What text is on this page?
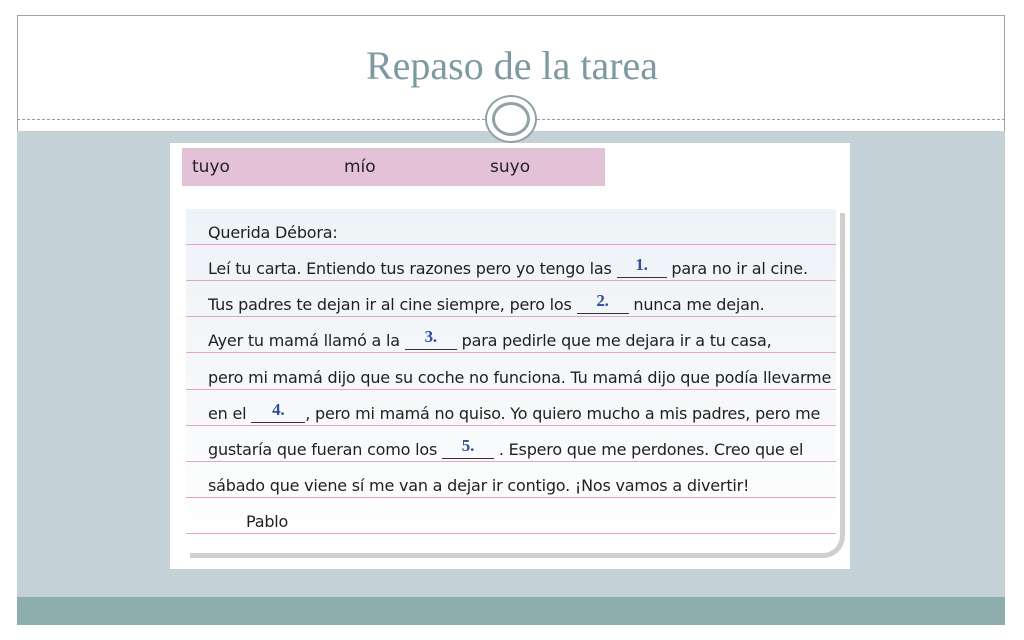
Repaso de la tarea
tuyo	mío	suyo
Querida Débora:
Leí tu carta. Entiendo tus razones pero yo tengo las 1. para no ir al cine.
Tus padres te dejan ir al cine siempre, pero los 2. nunca me dejan.
Ayer tu mamá llamó a la 3. para pedirle que me dejara ir a tu casa,
pero mi mamá dijo que su coche no funciona. Tu mamá dijo que podía llevarme
en el 4. , pero mi mamá no quiso. Yo quiero mucho a mis padres, pero me
gustaría que fueran como los 5. . Espero que me perdones. Creo que el
sábado que viene sí me van a dejar ir contigo. ¡Nos vamos a divertir!
Pablo
